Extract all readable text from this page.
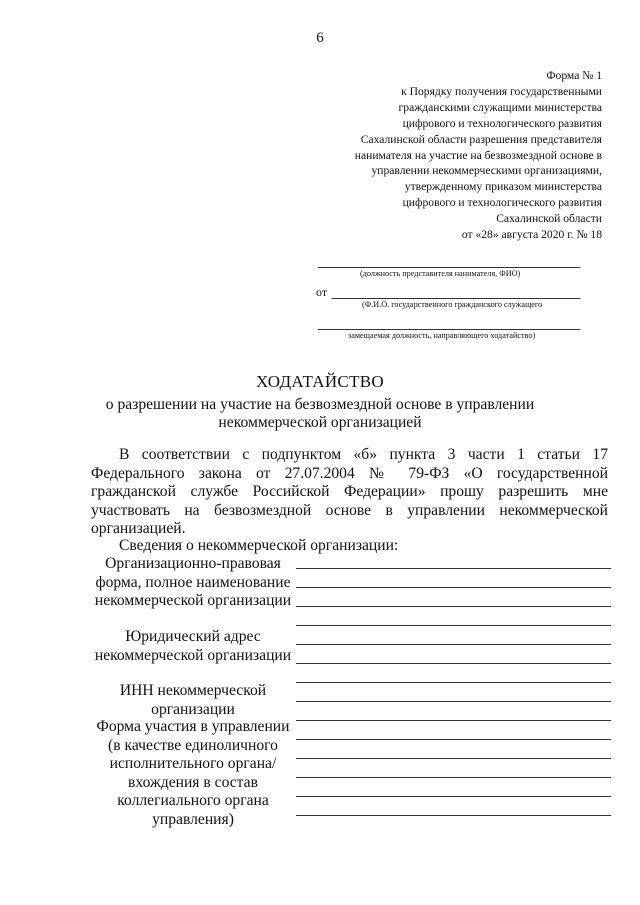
6
Форма № 1
к Порядку получения государственными
гражданскими служащими министерства
цифрового и технологического развития
Сахалинской области разрешения представителя
нанимателя на участие на безвозмездной основе в
управлении некоммерческими организациями,
утвержденному приказом министерства
цифрового и технологического развития
Сахалинской области
от «28» августа 2020 г. № 18
(должность представителя нанимателя, ФИО)
от
(Ф.И.О. государственного гражданского служащего
замещаемая должность, направляющего ходатайство)
ХОДАТАЙСТВО
о разрешении на участие на безвозмездной основе в управлении
некоммерческой организацией

В соответствии с подпунктом «б» пункта 3 части 1 статьи 17 Федерального закона от 27.07.2004 № 79-ФЗ «О государственной гражданской службе Российской Федерации» прошу разрешить мне участвовать на безвозмездной основе в управлении некоммерческой организацией.

Сведения о некоммерческой организации:
Организационно-правовая
форма, полное наименование
некоммерческой организации
Юридический адрес
некоммерческой организации
ИНН некоммерческой
организации
Форма участия в управлении
(в качестве единоличного
исполнительного органа/
вхождения в состав
коллегиального органа
управления)
